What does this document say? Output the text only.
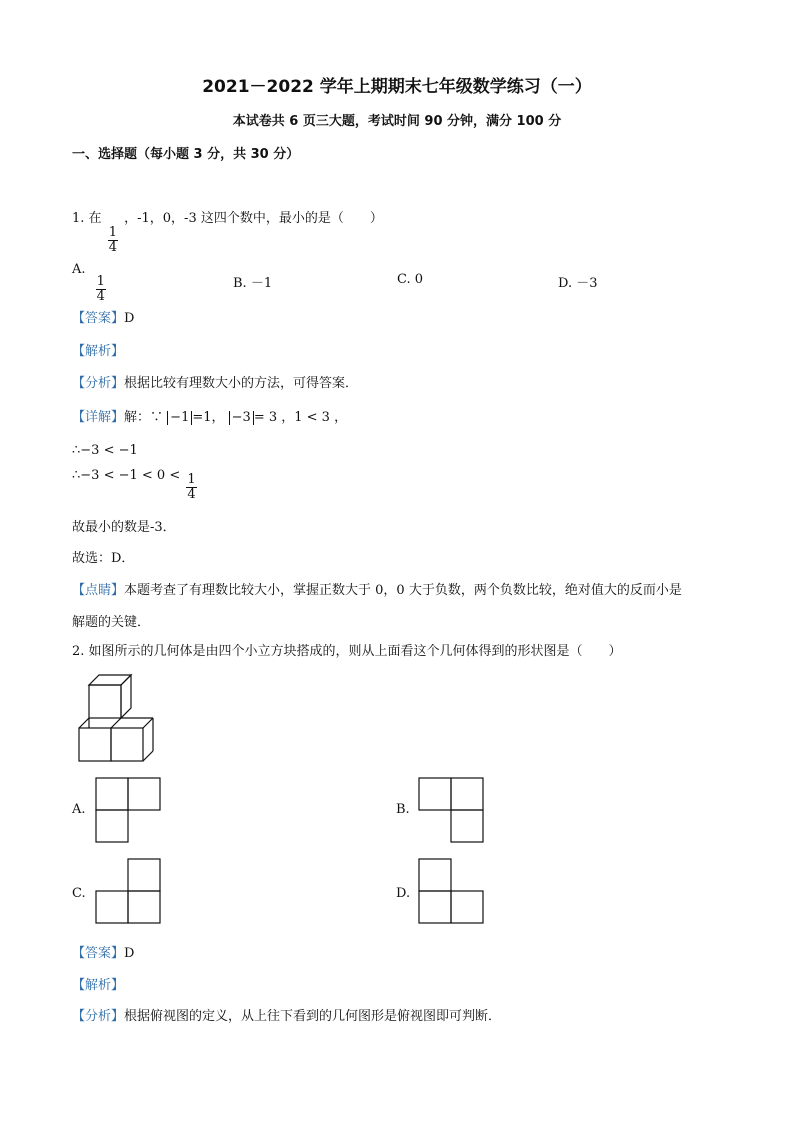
2021－2022 学年上期期末七年级数学练习（一）
本试卷共 6 页三大题，考试时间 90 分钟，满分 100 分
一、选择题（每小题 3 分，共 30 分）
1. 在
$\frac{1}{4}$
，-1，0，-3 这四个数中，最小的是（　　）
A.
$\frac{1}{4}$	B. －1	C. 0	D. －3
【答案】D
【解析】
【分析】根据比较有理数大小的方法，可得答案．
【详解】解：∵ −1 =1， −3 = 3 ，1 < 3 ，
∴−3 < −1
∴−3 < $-1 < 0 < \frac{1}{4}$
故最小的数是-3．
故选：D．
【点睛】本题考查了有理数比较大小，掌握正数大于 0，0 大于负数，两个负数比较，绝对值大的反而小是
解题的关键．
2. 如图所示的几何体是由四个小立方块搭成的，则从上面看这个几何体得到的形状图是（　　）
A.	B.
C.	D.
【答案】D
【解析】
【分析】根据俯视图的定义，从上往下看到的几何图形是俯视图即可判断．
